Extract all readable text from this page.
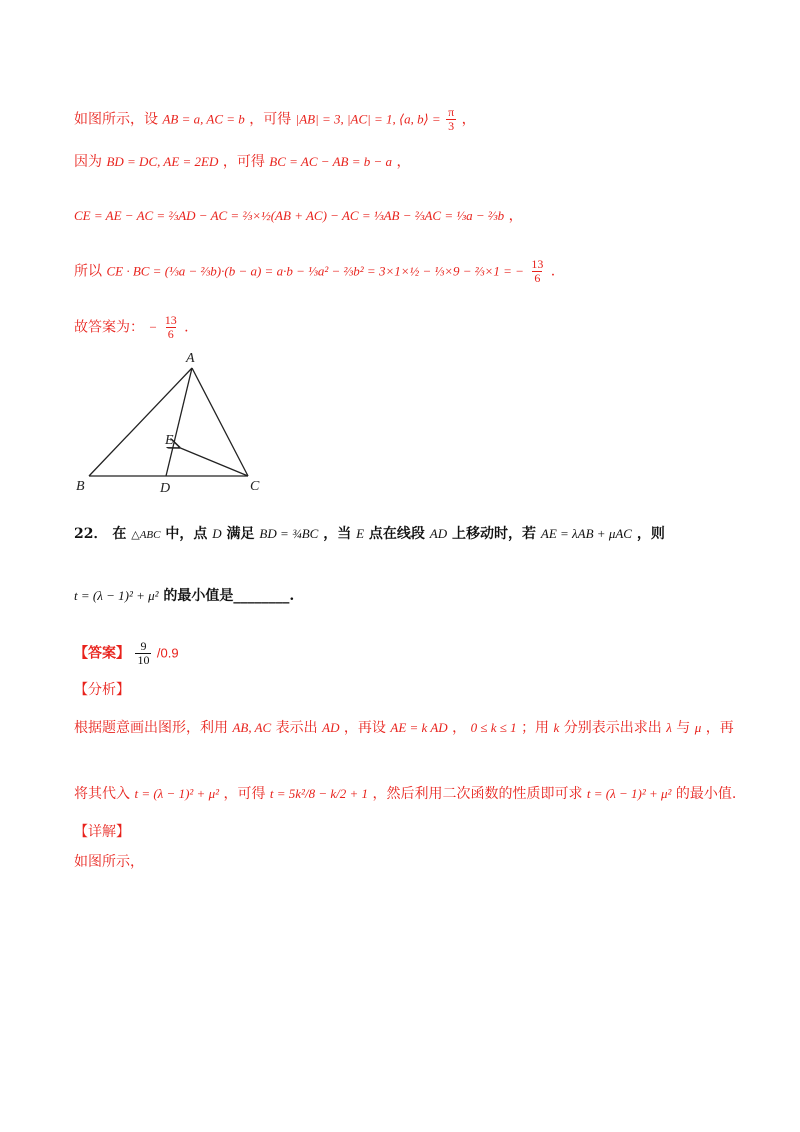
如图所示，设 AB = a, AC = b ，可得 |AB| = 3, |AC| = 1, ⟨a, b⟩ = $\frac{\pi}{3}$ ，
因为 BD = DC, AE = 2ED ，可得 BC = AC − AB = b − a ，
CE = AE − AC = ⅔AD − AC = ⅔×½(AB + AC) − AC = ⅓AB − ⅔AC = ⅓a − ⅔b ，
所以 CE · BC = (⅓a − ⅔b)·(b − a) = a·b − ⅓a² − ⅔b² = 3×1×½ − ⅓×9 − ⅔×1 = − $\frac{13}{6}$ .
故答案为： − $\frac{13}{6}$ .
A
B	C
D
E
22． 在 △ABC 中，点 D 满足 BD = ¾BC ，当 E 点在线段 AD 上移动时，若 AE = λAB + μAC ，则
t = (λ − 1)² + μ² 的最小值是________.
【答案】 $\frac{9}{10} /0.9$
【分析】
根据题意画出图形，利用 AB, AC 表示出 AD ，再设 AE = k AD ， 0 ≤ k ≤ 1 ；用 k 分别表示出求出 λ 与 μ ，再
将其代入 t = (λ − 1)² + μ² ，可得 t = 5k²/8 − k/2 + 1 ，然后利用二次函数的性质即可求 t = (λ − 1)² + μ² 的最小值.
【详解】
如图所示，
